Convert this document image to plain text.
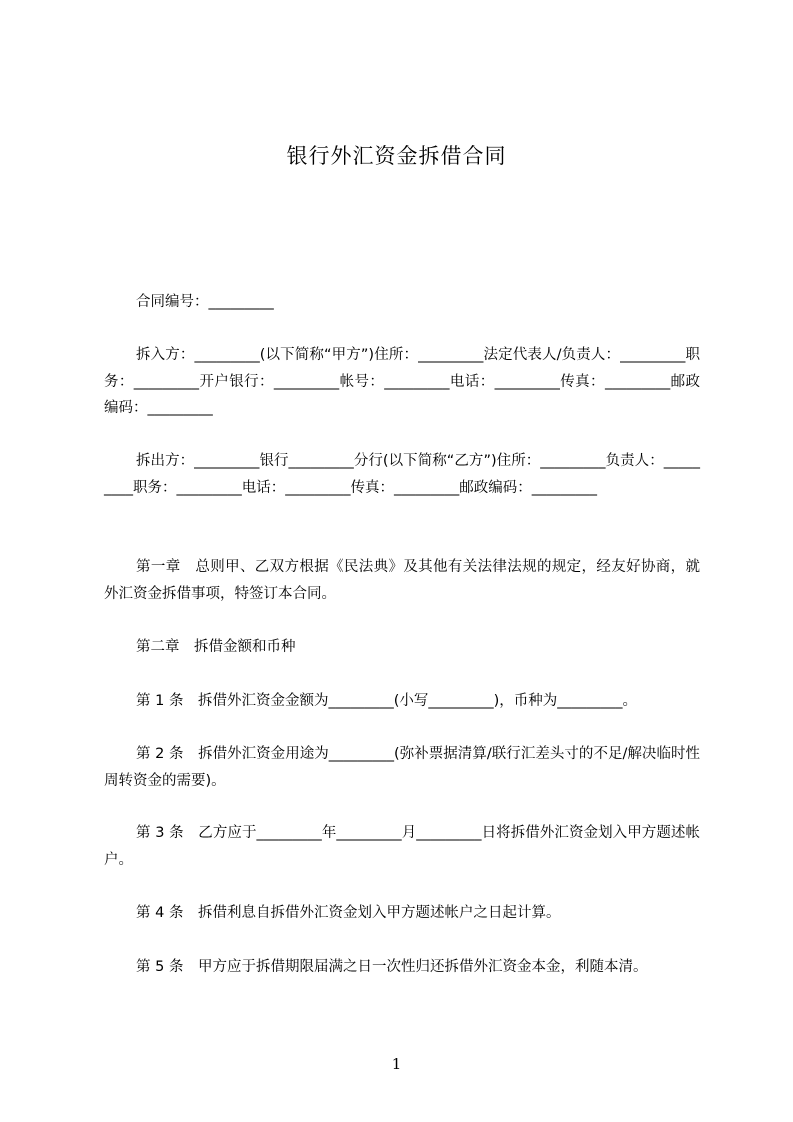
银行外汇资金拆借合同
合同编号：_________
拆入方：_________(以下简称“甲方”)住所：_________法定代表人/负责人：_________职务：_________开户银行：_________帐号：_________电话：_________传真：_________邮政编码：_________
拆出方：_________银行_________分行(以下简称“乙方”)住所：_________负责人：_________职务：_________电话：_________传真：_________邮政编码：_________
第一章　总则甲、乙双方根据《民法典》及其他有关法律法规的规定，经友好协商，就外汇资金拆借事项，特签订本合同。
第二章　拆借金额和币种
第 1 条　拆借外汇资金金额为_________(小写_________)，币种为_________。
第 2 条　拆借外汇资金用途为_________(弥补票据清算/联行汇差头寸的不足/解决临时性周转资金的需要)。
第 3 条　乙方应于_________年_________月_________日将拆借外汇资金划入甲方题述帐户。
第 4 条　拆借利息自拆借外汇资金划入甲方题述帐户之日起计算。
第 5 条　甲方应于拆借期限届满之日一次性归还拆借外汇资金本金，利随本清。
1
